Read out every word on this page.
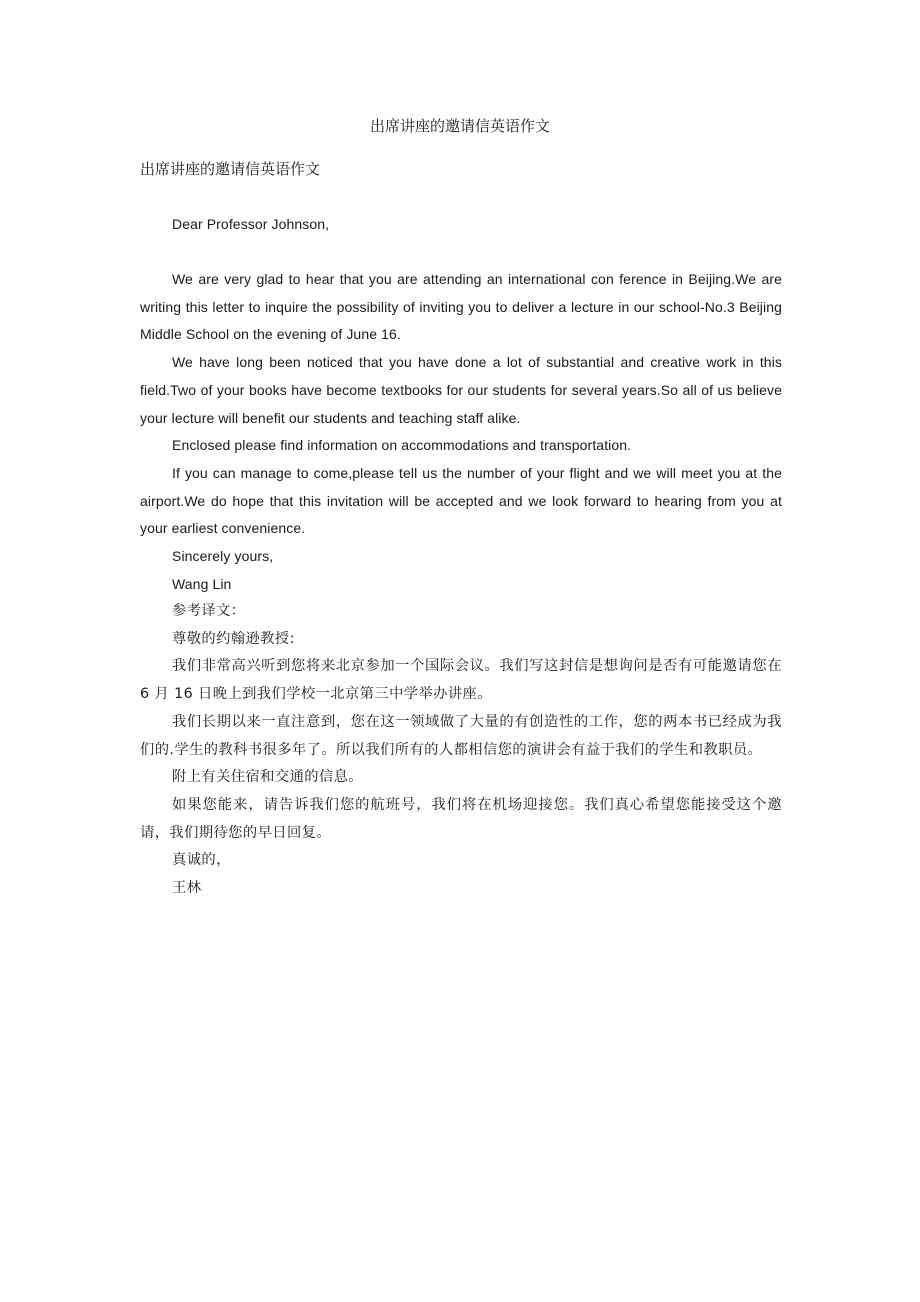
出席讲座的邀请信英语作文
出席讲座的邀请信英语作文

Dear Professor Johnson,

We are very glad to hear that you are attending an international con ference in Beijing.We are writing this letter to inquire the possibility of inviting you to deliver a lecture in our school-No.3 Beijing Middle School on the evening of June 16.

We have long been noticed that you have done a lot of substantial and creative work in this field.Two of your books have become textbooks for our students for several years.So all of us believe your lecture will benefit our students and teaching staff alike.

Enclosed please find information on accommodations and transportation.

If you can manage to come,please tell us the number of your flight and we will meet you at the airport.We do hope that this invitation will be accepted and we look forward to hearing from you at your earliest convenience.

Sincerely yours,

Wang Lin

参考译文：

尊敬的约翰逊教授:

我们非常高兴听到您将来北京参加一个国际会议。我们写这封信是想询问是否有可能邀请您在 6 月 16 日晚上到我们学校一北京第三中学举办讲座。

我们长期以来一直注意到，您在这一领域做了大量的有创造性的工作，您的两本书已经成为我们的.学生的教科书很多年了。所以我们所有的人都相信您的演讲会有益于我们的学生和教职员。

附上有关住宿和交通的信息。

如果您能来，请告诉我们您的航班号，我们将在机场迎接您。我们真心希望您能接受这个邀请，我们期待您的早日回复。

真诚的，

王林
